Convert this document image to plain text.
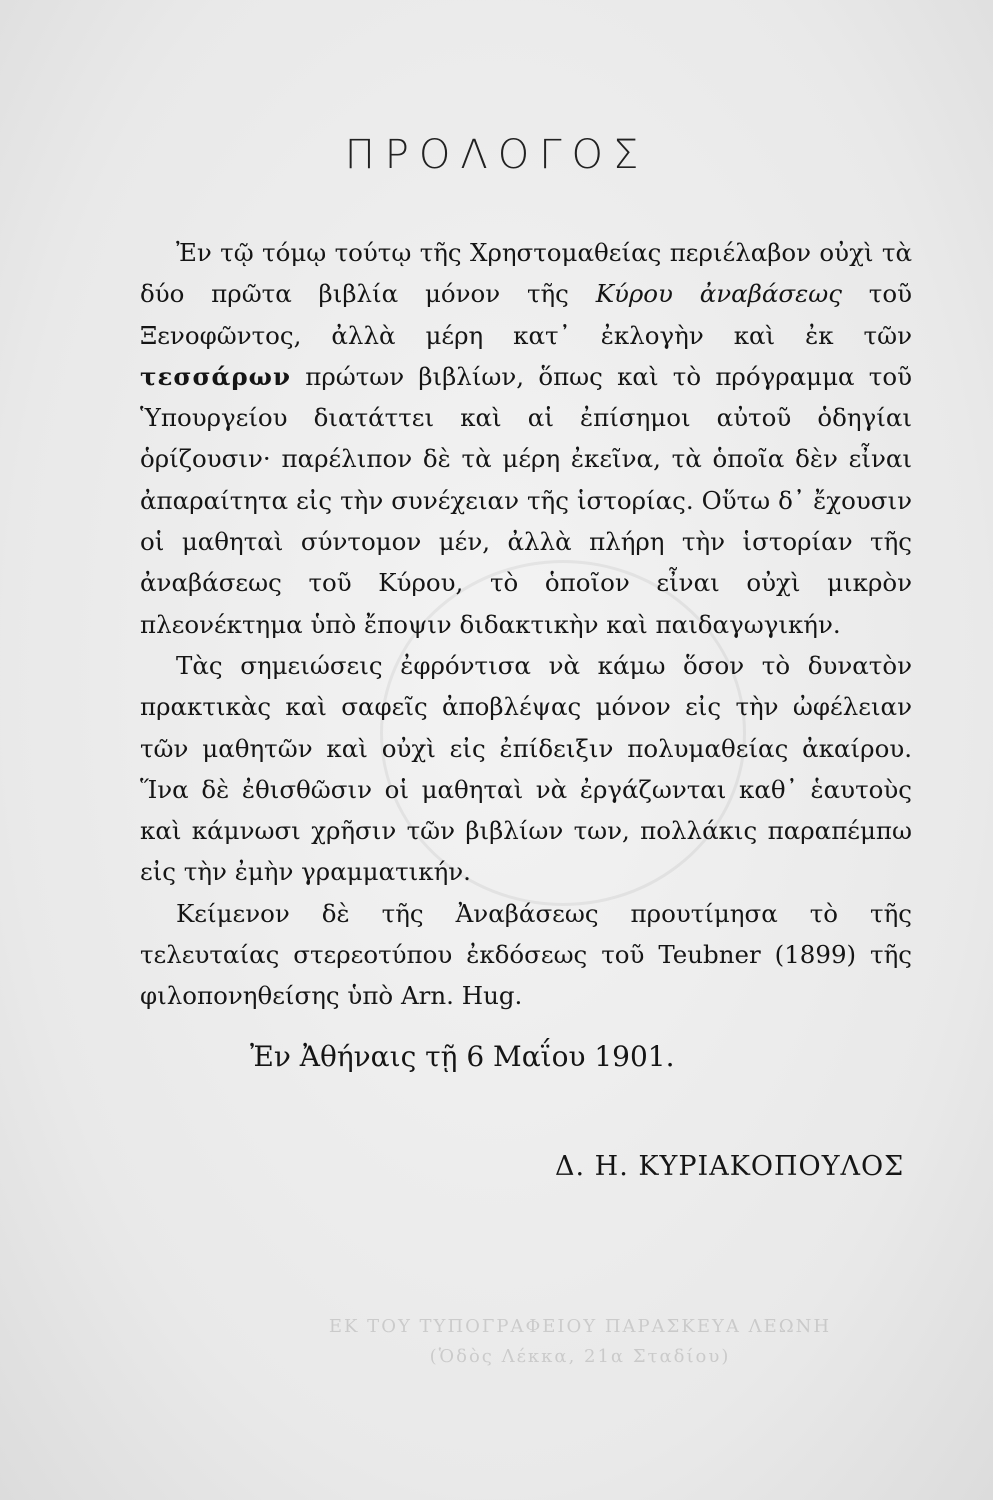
ΠΡΟΛΟΓΟΣ

Ἐν τῷ τόμῳ τούτῳ τῆς Χρηστομαθείας περιέλαβον οὐχὶ τὰ δύο πρῶτα βιβλία μόνον τῆς Κύρου ἀναβάσεως τοῦ Ξενοφῶντος, ἀλλὰ μέρη κατ᾽ ἐκλογὴν καὶ ἐκ τῶν τεσσάρων πρώτων βιβλίων, ὅπως καὶ τὸ πρόγραμμα τοῦ Ὑπουργείου διατάττει καὶ αἱ ἐπίσημοι αὐτοῦ ὁδηγίαι ὁρίζουσιν· παρέλιπον δὲ τὰ μέρη ἐκεῖνα, τὰ ὁποῖα δὲν εἶναι ἀπαραίτητα εἰς τὴν συνέχειαν τῆς ἱστορίας. Οὕτω δ᾽ ἔχουσιν οἱ μαθηταὶ σύντομον μέν, ἀλλὰ πλήρη τὴν ἱστορίαν τῆς ἀναβάσεως τοῦ Κύρου, τὸ ὁποῖον εἶναι οὐχὶ μικρὸν πλεονέκτημα ὑπὸ ἔποψιν διδακτικὴν καὶ παιδαγωγικήν.

Τὰς σημειώσεις ἐφρόντισα νὰ κάμω ὅσον τὸ δυνατὸν πρακτικὰς καὶ σαφεῖς ἀποβλέψας μόνον εἰς τὴν ὠφέλειαν τῶν μαθητῶν καὶ οὐχὶ εἰς ἐπίδειξιν πολυμαθείας ἀκαίρου. Ἵνα δὲ ἐθισθῶσιν οἱ μαθηταὶ νὰ ἐργάζωνται καθ᾽ ἑαυτοὺς καὶ κάμνωσι χρῆσιν τῶν βιβλίων των, πολλάκις παραπέμπω εἰς τὴν ἐμὴν γραμματικήν.

Κείμενον δὲ τῆς Ἀναβάσεως προυτίμησα τὸ τῆς τελευταίας στερεοτύπου ἐκδόσεως τοῦ Teubner (1899) τῆς φιλοπονηθείσης ὑπὸ Arn. Hug.

Ἐν Ἀθήναις τῇ 6 Μαΐου 1901.
Δ. Η. ΚΥΡΙΑΚΟΠΟΥΛΟΣ
ΕΚ ΤΟΥ ΤΥΠΟΓΡΑΦΕΙΟΥ ΠΑΡΑΣΚΕΥΑ ΛΕΩΝΗ
(Ὁδὸς Λέκκα, 21α Σταδίου)
